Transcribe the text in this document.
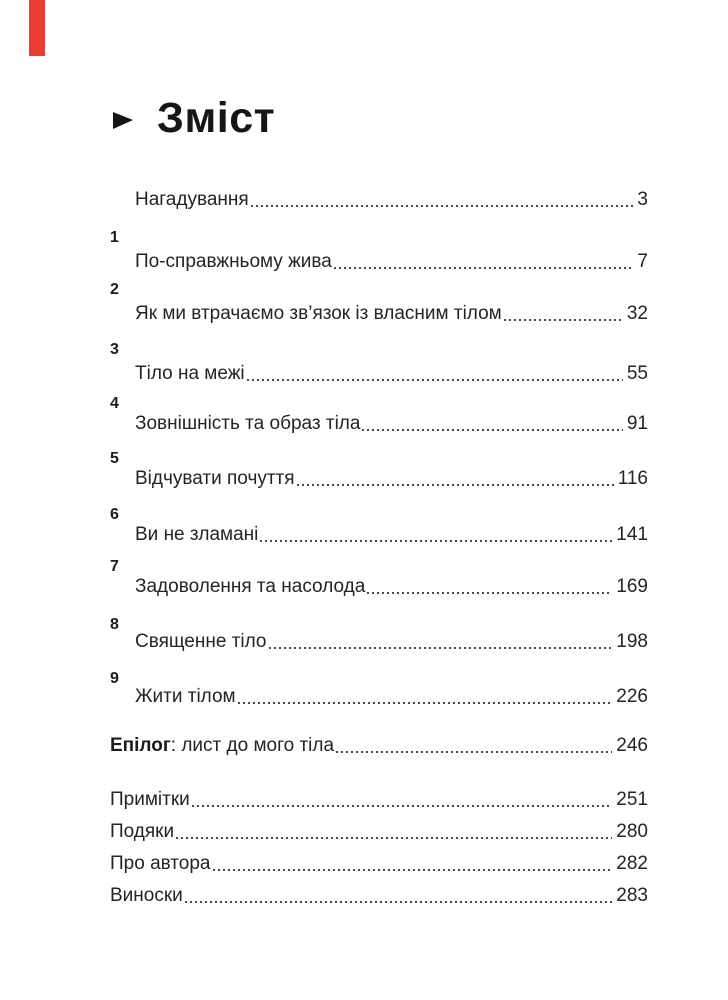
Зміст
Нагадування	3
1
По-справжньому жива	7
2
Як ми втрачаємо зв’язок із власним тілом	32
3
Тіло на межі	55
4
Зовнішність та образ тіла	91
5
Відчувати почуття	116
6
Ви не зламані	141
7
Задоволення та насолода	169
8
Священне тіло	198
9
Жити тілом	226
Епілог : лист до мого тіла	246
Примітки	251
Подяки	280
Про автора	282
Виноски	283
